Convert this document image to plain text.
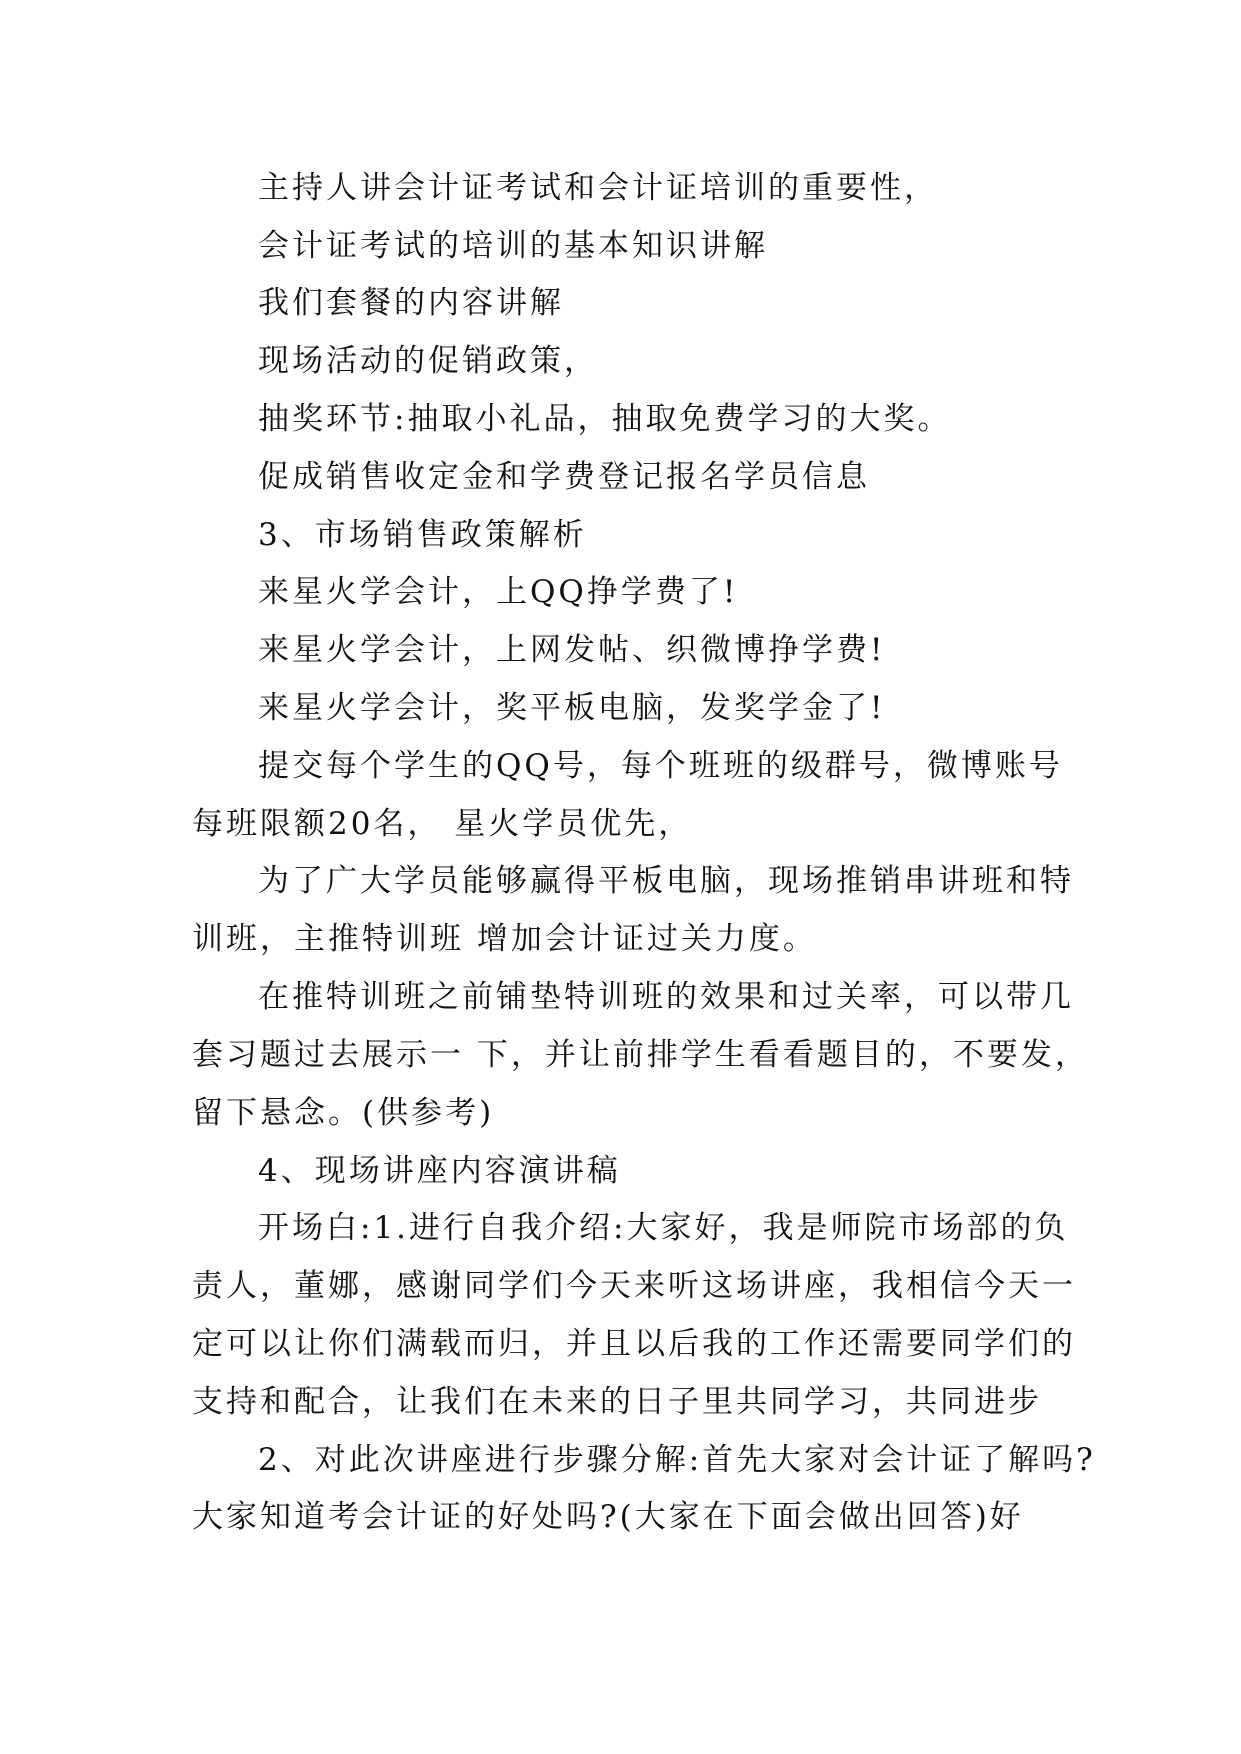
主持人讲会计证考试和会计证培训的重要性，
会计证考试的培训的基本知识讲解
我们套餐的内容讲解
现场活动的促销政策，
抽奖环节:抽取小礼品，抽取免费学习的大奖。
促成销售收定金和学费登记报名学员信息
3、市场销售政策解析
来星火学会计，上QQ挣学费了!
来星火学会计，上网发帖、织微博挣学费!
来星火学会计，奖平板电脑，发奖学金了!
提交每个学生的QQ号，每个班班的级群号，微博账号
每班限额20名， 星火学员优先，
为了广大学员能够赢得平板电脑，现场推销串讲班和特
训班，主推特训班 增加会计证过关力度。
在推特训班之前铺垫特训班的效果和过关率，可以带几
套习题过去展示一 下，并让前排学生看看题目的，不要发，
留下悬念。(供参考)
4、现场讲座内容演讲稿
开场白:1.进行自我介绍:大家好，我是师院市场部的负
责人，董娜，感谢同学们今天来听这场讲座，我相信今天一
定可以让你们满载而归，并且以后我的工作还需要同学们的
支持和配合，让我们在未来的日子里共同学习，共同进步
2、对此次讲座进行步骤分解:首先大家对会计证了解吗?
大家知道考会计证的好处吗?(大家在下面会做出回答)好
